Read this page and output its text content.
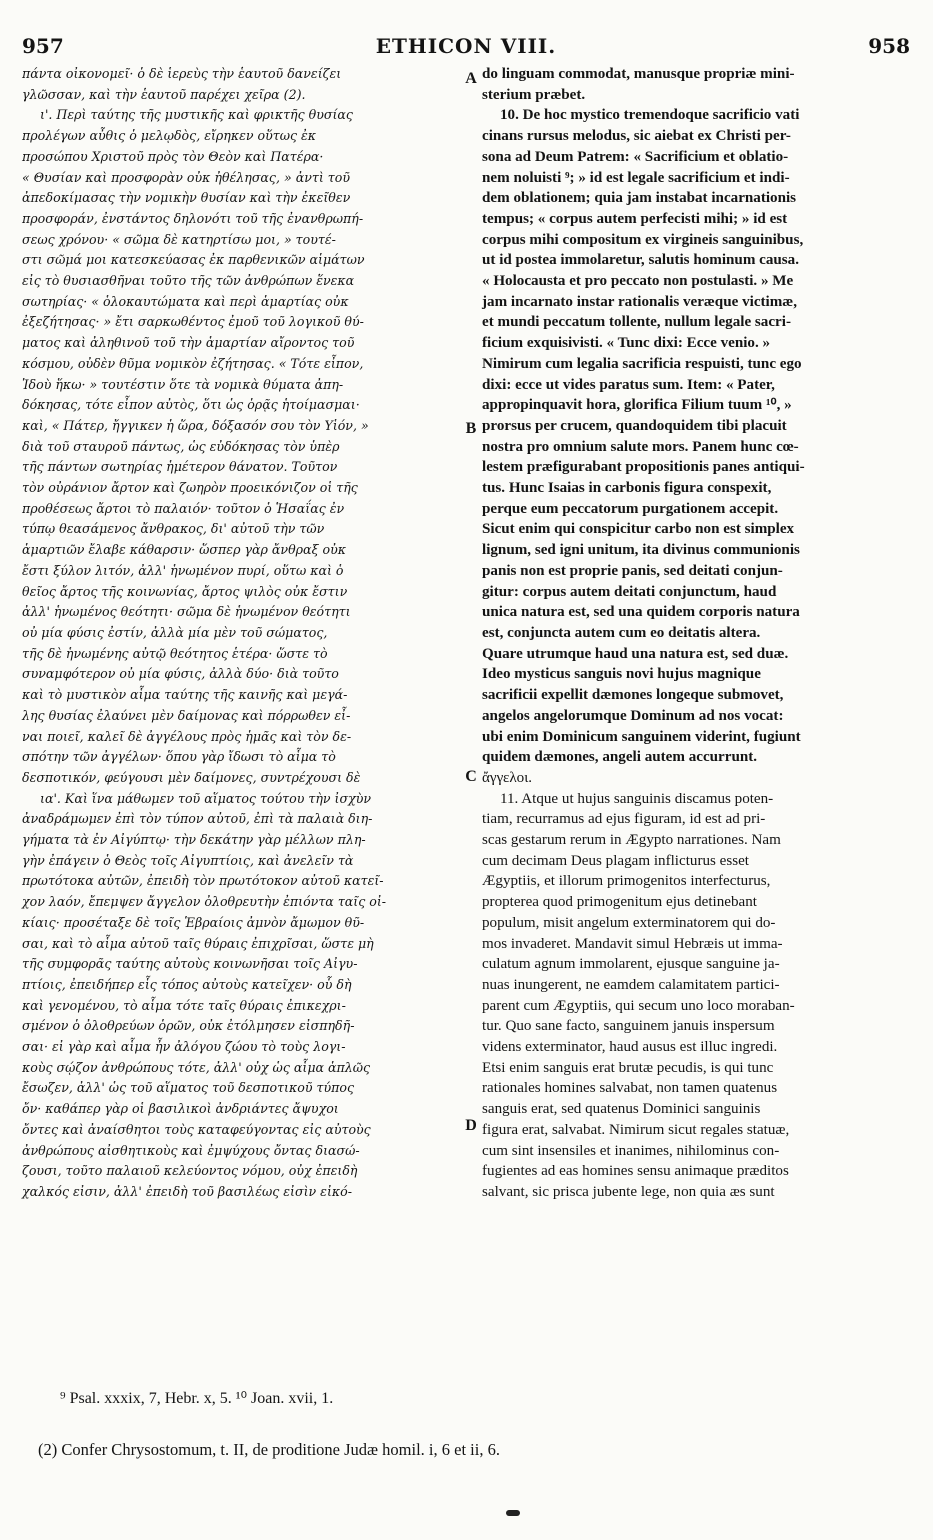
957	ETHICON VIII.	958

πάντα οἰκονομεῖ· ὁ δὲ ἱερεὺς τὴν ἑαυτοῦ δανείζει
γλῶσσαν, καὶ τὴν ἑαυτοῦ παρέχει χεῖρα (2).

ι'. Περὶ ταύτης τῆς μυστικῆς καὶ φρικτῆς θυσίας
προλέγων αὖθις ὁ μελῳδὸς, εἴρηκεν οὕτως ἐκ
προσώπου Χριστοῦ πρὸς τὸν Θεὸν καὶ Πατέρα·
« Θυσίαν καὶ προσφορὰν οὐκ ἠθέλησας, » ἀντὶ τοῦ
ἀπεδοκίμασας τὴν νομικὴν θυσίαν καὶ τὴν ἐκεῖθεν
προσφοράν, ἐνστάντος δηλονότι τοῦ τῆς ἐνανθρωπή-
σεως χρόνου· « σῶμα δὲ κατηρτίσω μοι, » τουτέ-
στι σῶμά μοι κατεσκεύασας ἐκ παρθενικῶν αἱμάτων
εἰς τὸ θυσιασθῆναι τοῦτο τῆς τῶν ἀνθρώπων ἕνεκα
σωτηρίας· « ὁλοκαυτώματα καὶ περὶ ἁμαρτίας οὐκ
ἐξεζήτησας· » ἔτι σαρκωθέντος ἐμοῦ τοῦ λογικοῦ θύ-
ματος καὶ ἀληθινοῦ τοῦ τὴν ἁμαρτίαν αἴροντος τοῦ
κόσμου, οὐδὲν θῦμα νομικὸν ἐζήτησας. « Τότε εἶπον,
Ἰδοὺ ἥκω· » τουτέστιν ὅτε τὰ νομικὰ θύματα ἀπη-
δόκησας, τότε εἶπον αὐτὸς, ὅτι ὡς ὁρᾷς ἡτοίμασμαι·
καὶ, « Πάτερ, ἤγγικεν ἡ ὥρα, δόξασόν σου τὸν Υἱόν, »
διὰ τοῦ σταυροῦ πάντως, ὡς εὐδόκησας τὸν ὑπὲρ
τῆς πάντων σωτηρίας ἡμέτερον θάνατον. Τοῦτον
τὸν οὐράνιον ἄρτον καὶ ζωηρὸν προεικόνιζον οἱ τῆς
προθέσεως ἄρτοι τὸ παλαιόν· τοῦτον ὁ Ἡσαΐας ἐν
τύπῳ θεασάμενος ἄνθρακος, δι' αὐτοῦ τὴν τῶν
ἁμαρτιῶν ἔλαβε κάθαρσιν· ὥσπερ γὰρ ἄνθραξ οὐκ
ἔστι ξύλον λιτόν, ἀλλ' ἡνωμένον πυρί, οὕτω καὶ ὁ
θεῖος ἄρτος τῆς κοινωνίας, ἄρτος ψιλὸς οὐκ ἔστιν
ἀλλ' ἡνωμένος θεότητι· σῶμα δὲ ἡνωμένον θεότητι
οὐ μία φύσις ἐστίν, ἀλλὰ μία μὲν τοῦ σώματος,
τῆς δὲ ἡνωμένης αὐτῷ θεότητος ἑτέρα· ὥστε τὸ
συναμφότερον οὐ μία φύσις, ἀλλὰ δύο· διὰ τοῦτο
καὶ τὸ μυστικὸν αἷμα ταύτης τῆς καινῆς καὶ μεγά-
λης θυσίας ἐλαύνει μὲν δαίμονας καὶ πόρρωθεν εἶ-
ναι ποιεῖ, καλεῖ δὲ ἀγγέλους πρὸς ἡμᾶς καὶ τὸν δε-
σπότην τῶν ἀγγέλων· ὅπου γὰρ ἴδωσι τὸ αἷμα τὸ
δεσποτικόν, φεύγουσι μὲν δαίμονες, συντρέχουσι δὲ

ια'. Καὶ ἵνα μάθωμεν τοῦ αἵματος τούτου τὴν ἰσχὺν
ἀναδράμωμεν ἐπὶ τὸν τύπον αὐτοῦ, ἐπὶ τὰ παλαιὰ διη-
γήματα τὰ ἐν Αἰγύπτῳ· τὴν δεκάτην γὰρ μέλλων πλη-
γὴν ἐπάγειν ὁ Θεὸς τοῖς Αἰγυπτίοις, καὶ ἀνελεῖν τὰ
πρωτότοκα αὐτῶν, ἐπειδὴ τὸν πρωτότοκον αὐτοῦ κατεῖ-
χον λαόν, ἔπεμψεν ἄγγελον ὀλοθρευτὴν ἐπιόντα ταῖς οἰ-
κίαις· προσέταξε δὲ τοῖς Ἑβραίοις ἀμνὸν ἄμωμον θῦ-
σαι, καὶ τὸ αἷμα αὐτοῦ ταῖς θύραις ἐπιχρῖσαι, ὥστε μὴ
τῆς συμφορᾶς ταύτης αὐτοὺς κοινωνῆσαι τοῖς Αἰγυ-
πτίοις, ἐπειδήπερ εἷς τόπος αὐτοὺς κατεῖχεν· οὗ δὴ
καὶ γενομένου, τὸ αἷμα τότε ταῖς θύραις ἐπικεχρι-
σμένον ὁ ὀλοθρεύων ὁρῶν, οὐκ ἐτόλμησεν εἰσπηδῆ-
σαι· εἰ γὰρ καὶ αἷμα ἦν ἀλόγου ζώου τὸ τοὺς λογι-
κοὺς σῴζον ἀνθρώπους τότε, ἀλλ' οὐχ ὡς αἷμα ἁπλῶς
ἔσωζεν, ἀλλ' ὡς τοῦ αἵματος τοῦ δεσποτικοῦ τύπος
ὄν· καθάπερ γὰρ οἱ βασιλικοὶ ἀνδριάντες ἄψυχοι
ὄντες καὶ ἀναίσθητοι τοὺς καταφεύγοντας εἰς αὐτοὺς
ἀνθρώπους αἰσθητικοὺς καὶ ἐμψύχους ὄντας διασώ-
ζουσι, τοῦτο παλαιοῦ κελεύοντος νόμου, οὐχ ἐπειδὴ
χαλκός εἰσιν, ἀλλ' ἐπειδὴ τοῦ βασιλέως εἰσὶν εἰκό-

A
B
C
D

do linguam commodat, manusque propriæ mini-
sterium præbet.

10. De hoc mystico tremendoque sacrificio vati
cinans rursus melodus, sic aiebat ex Christi per-
sona ad Deum Patrem: « Sacrificium et oblatio-
nem noluisti ⁹; » id est legale sacrificium et indi-
dem oblationem; quia jam instabat incarnationis
tempus; « corpus autem perfecisti mihi; » id est
corpus mihi compositum ex virgineis sanguinibus,
ut id postea immolaretur, salutis hominum causa.
« Holocausta et pro peccato non postulasti. » Me
jam incarnato instar rationalis veræque victimæ,
et mundi peccatum tollente, nullum legale sacri-
ficium exquisivisti. « Tunc dixi: Ecce venio. »
Nimirum cum legalia sacrificia respuisti, tunc ego
dixi: ecce ut vides paratus sum. Item: « Pater,
appropinquavit hora, glorifica Filium tuum ¹⁰, »
prorsus per crucem, quandoquidem tibi placuit
nostra pro omnium salute mors. Panem hunc cœ-
lestem præfigurabant propositionis panes antiqui-
tus. Hunc Isaias in carbonis figura conspexit,
perque eum peccatorum purgationem accepit.
Sicut enim qui conspicitur carbo non est simplex
lignum, sed igni unitum, ita divinus communionis
panis non est proprie panis, sed deitati conjun-
gitur: corpus autem deitati conjunctum, haud
unica natura est, sed una quidem corporis natura
est, conjuncta autem cum eo deitatis altera.
Quare utrumque haud una natura est, sed duæ.
Ideo mysticus sanguis novi hujus magnique
sacrificii expellit dæmones longeque submovet,
angelos angelorumque Dominum ad nos vocat:
ubi enim Dominicum sanguinem viderint, fugiunt
quidem dæmones, angeli autem accurrunt.

ἄγγελοι.

11. Atque ut hujus sanguinis discamus poten-
tiam, recurramus ad ejus figuram, id est ad pri-
scas gestarum rerum in Ægypto narrationes. Nam
cum decimam Deus plagam inflicturus esset
Ægyptiis, et illorum primogenitos interfecturus,
propterea quod primogenitum ejus detinebant
populum, misit angelum exterminatorem qui do-
mos invaderet. Mandavit simul Hebræis ut imma-
culatum agnum immolarent, ejusque sanguine ja-
nuas inungerent, ne eamdem calamitatem partici-
parent cum Ægyptiis, qui secum uno loco moraban-
tur. Quo sane facto, sanguinem januis inspersum
videns exterminator, haud ausus est illuc ingredi.
Etsi enim sanguis erat brutæ pecudis, is qui tunc
rationales homines salvabat, non tamen quatenus
sanguis erat, sed quatenus Dominici sanguinis
figura erat, salvabat. Nimirum sicut regales statuæ,
cum sint insensiles et inanimes, nihilominus con-
fugientes ad eas homines sensu animaque præditos
salvant, sic prisca jubente lege, non quia æs sunt

⁹ Psal. xxxix, 7, Hebr. x, 5. ¹⁰ Joan. xvii, 1.
(2) Confer Chrysostomum, t. II, de proditione Judæ homil. i, 6 et ii, 6.
